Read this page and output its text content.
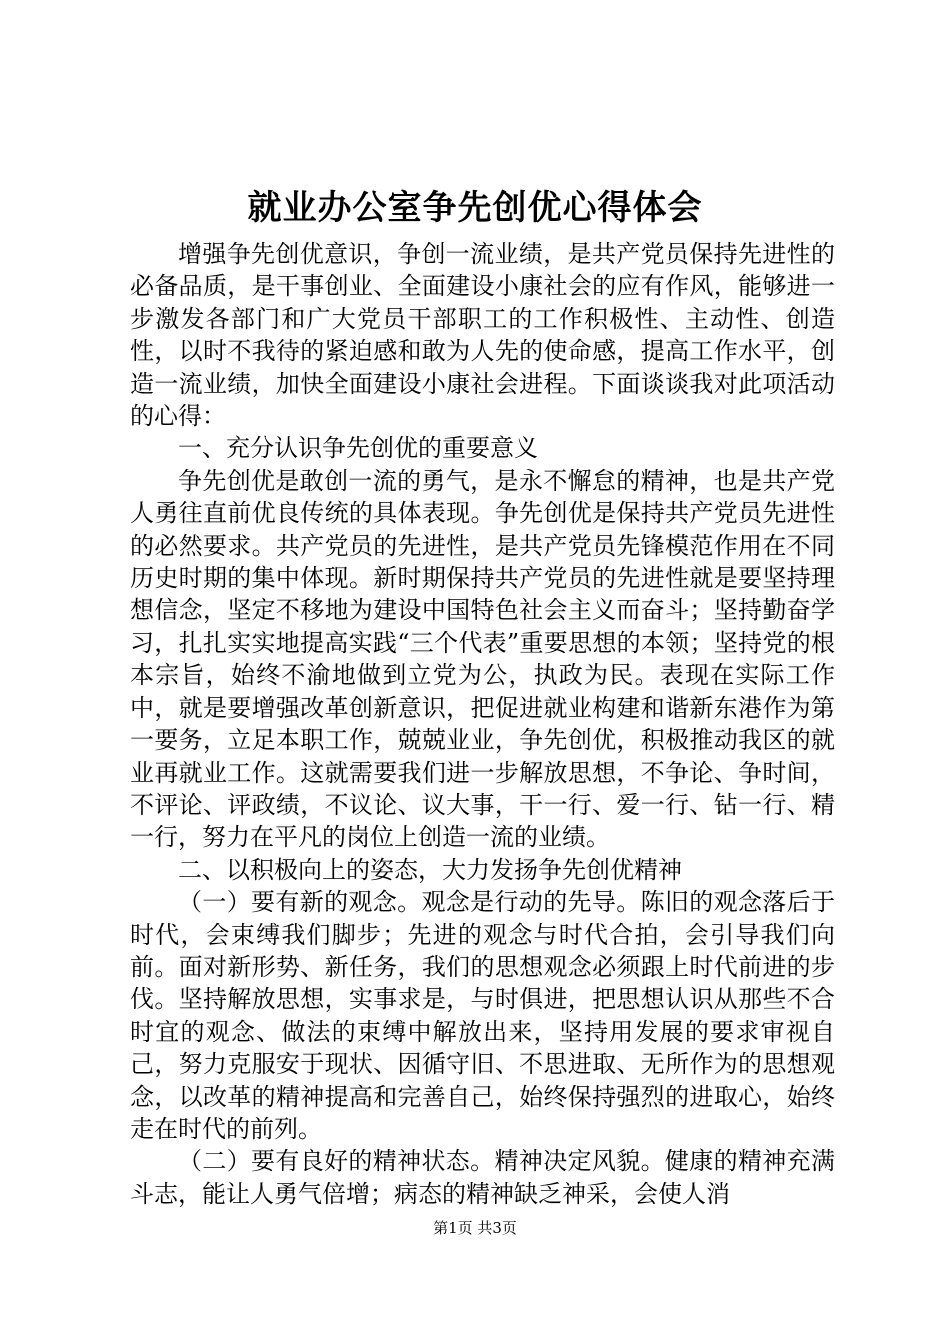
就业办公室争先创优心得体会

增强争先创优意识，争创一流业绩，是共产党员保持先进性的必备品质，是干事创业、全面建设小康社会的应有作风，能够进一步激发各部门和广大党员干部职工的工作积极性、主动性、创造性，以时不我待的紧迫感和敢为人先的使命感，提高工作水平，创造一流业绩，加快全面建设小康社会进程。下面谈谈我对此项活动的心得：

一、充分认识争先创优的重要意义

争先创优是敢创一流的勇气，是永不懈怠的精神，也是共产党人勇往直前优良传统的具体表现。争先创优是保持共产党员先进性的必然要求。共产党员的先进性，是共产党员先锋模范作用在不同历史时期的集中体现。新时期保持共产党员的先进性就是要坚持理想信念，坚定不移地为建设中国特色社会主义而奋斗；坚持勤奋学习，扎扎实实地提高实践“三个代表”重要思想的本领；坚持党的根本宗旨，始终不渝地做到立党为公，执政为民。表现在实际工作中，就是要增强改革创新意识，把促进就业构建和谐新东港作为第一要务，立足本职工作，兢兢业业，争先创优，积极推动我区的就业再就业工作。这就需要我们进一步解放思想，不争论、争时间，不评论、评政绩，不议论、议大事，干一行、爱一行、钻一行、精一行，努力在平凡的岗位上创造一流的业绩。

二、以积极向上的姿态，大力发扬争先创优精神

（一）要有新的观念。观念是行动的先导。陈旧的观念落后于时代，会束缚我们脚步；先进的观念与时代合拍，会引导我们向前。面对新形势、新任务，我们的思想观念必须跟上时代前进的步伐。坚持解放思想，实事求是，与时俱进，把思想认识从那些不合时宜的观念、做法的束缚中解放出来，坚持用发展的要求审视自己，努力克服安于现状、因循守旧、不思进取、无所作为的思想观念，以改革的精神提高和完善自己，始终保持强烈的进取心，始终走在时代的前列。

（二）要有良好的精神状态。精神决定风貌。健康的精神充满斗志，能让人勇气倍增；病态的精神缺乏神采，会使人消

第1页 共3页
